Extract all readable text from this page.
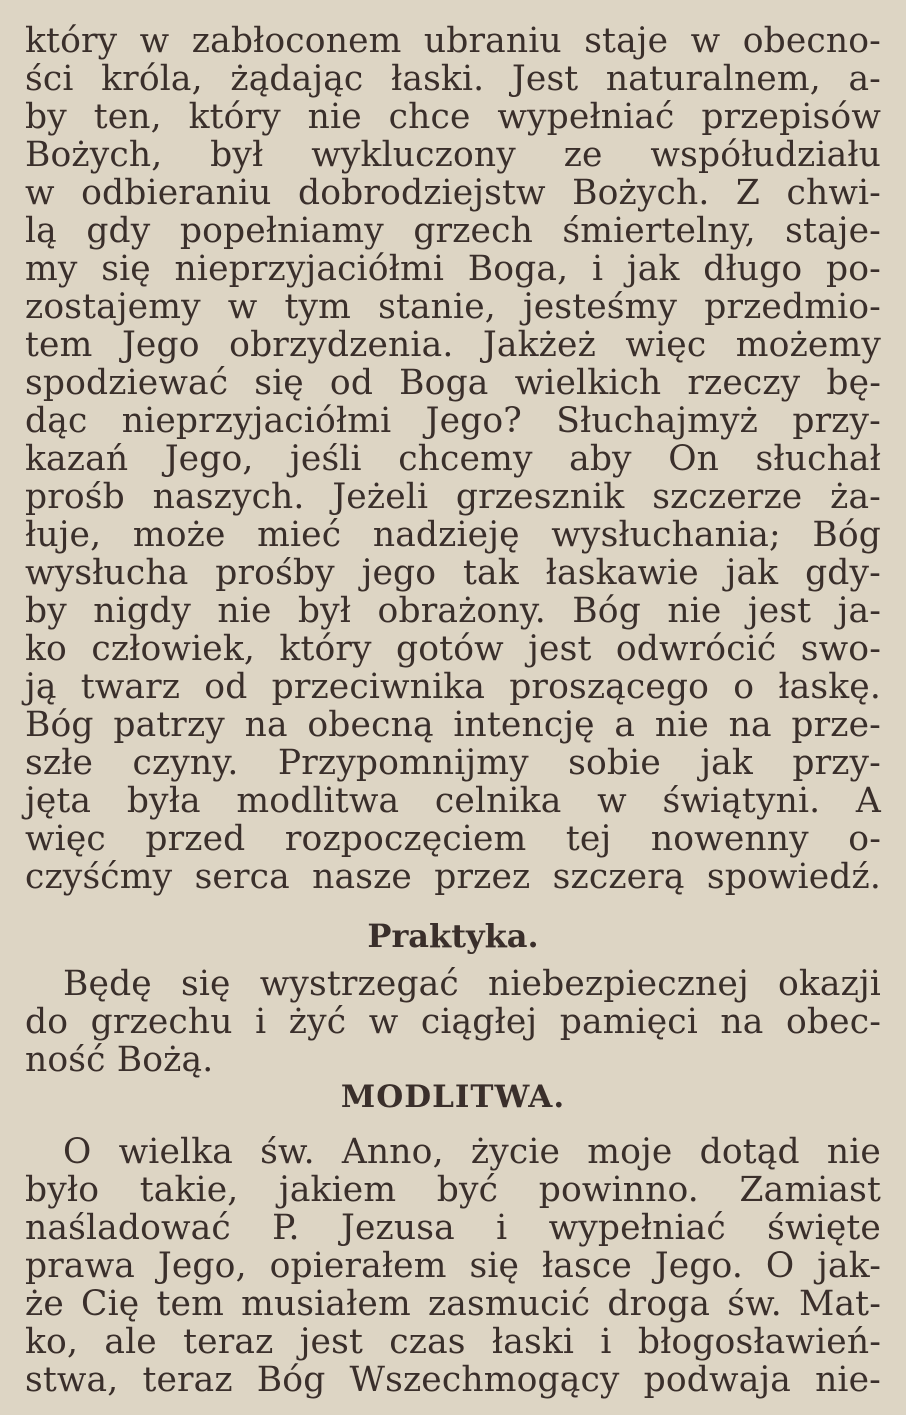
który w zabłoconem ubraniu staje w obecno-
ści króla, żądając łaski. Jest naturalnem, a-
by ten, który nie chce wypełniać przepisów
Bożych, był wykluczony ze współudziału
w odbieraniu dobrodziejstw Bożych. Z chwi-
lą gdy popełniamy grzech śmiertelny, staje-
my się nieprzyjaciółmi Boga, i jak długo po-
zostajemy w tym stanie, jesteśmy przedmio-
tem Jego obrzydzenia. Jakżeż więc możemy
spodziewać się od Boga wielkich rzeczy bę-
dąc nieprzyjaciółmi Jego? Słuchajmyż przy-
kazań Jego, jeśli chcemy aby On słuchał
prośb naszych. Jeżeli grzesznik szczerze ża-
łuje, może mieć nadzieję wysłuchania; Bóg
wysłucha prośby jego tak łaskawie jak gdy-
by nigdy nie był obrażony. Bóg nie jest ja-
ko człowiek, który gotów jest odwrócić swo-
ją twarz od przeciwnika proszącego o łaskę.
Bóg patrzy na obecną intencję a nie na prze-
szłe czyny. Przypomnijmy sobie jak przy-
jęta była modlitwa celnika w świątyni. A
więc przed rozpoczęciem tej nowenny o-
czyśćmy serca nasze przez szczerą spowiedź.
Praktyka.
Będę się wystrzegać niebezpiecznej okazji
do grzechu i żyć w ciągłej pamięci na obec-
ność Bożą.
MODLITWA.
O wielka św. Anno, życie moje dotąd nie
było takie, jakiem być powinno. Zamiast
naśladować P. Jezusa i wypełniać święte
prawa Jego, opierałem się łasce Jego. O jak-
że Cię tem musiałem zasmucić droga św. Mat-
ko, ale teraz jest czas łaski i błogosławień-
stwa, teraz Bóg Wszechmogący podwaja nie-
